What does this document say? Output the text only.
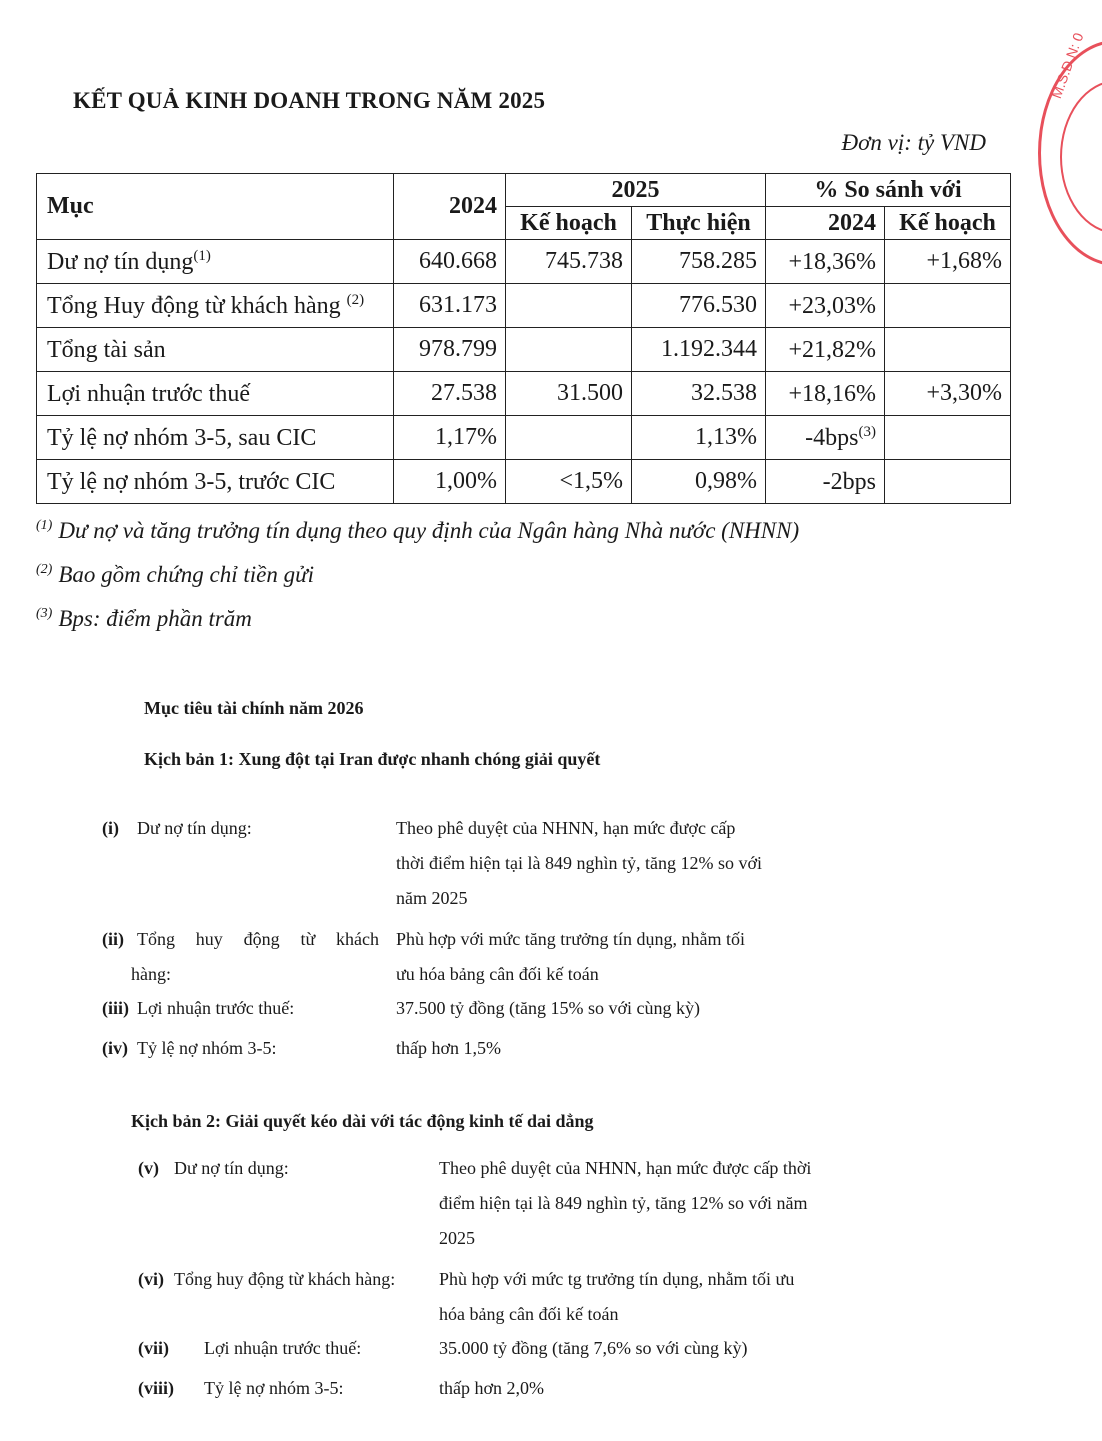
M.S.D.N: 0
KẾT QUẢ KINH DOANH TRONG NĂM 2025
Đơn vị: tỷ VND
Mục	2024	2025		% So sánh với	
		Kế hoạch	Thực hiện	2024	Kế hoạch
Dư nợ tín dụng$^{(1)}$	640.668	745.738	758.285	+18,36%	+1,68%
Tổng Huy động từ khách hàng $^{(2)}$	631.173		776.530	+23,03%	
Tổng tài sản	978.799		1.192.344	+21,82%	
Lợi nhuận trước thuế	27.538	31.500	32.538	+18,16%	+3,30%
Tỷ lệ nợ nhóm 3-5, sau CIC	1,17%		1,13%	-4bps$^{(3)}$	
Tỷ lệ nợ nhóm 3-5, trước CIC	1,00%	<1,5%	0,98%	-2bps	
$^{(1)}$ Dư nợ và tăng trưởng tín dụng theo quy định của Ngân hàng Nhà nước (NHNN)
$^{(2)}$ Bao gồm chứng chỉ tiền gửi
$^{(3)}$ Bps: điểm phần trăm
Mục tiêu tài chính năm 2026
Kịch bản 1: Xung đột tại Iran được nhanh chóng giải quyết
(i) Dư nợ tín dụng:	Theo phê duyệt của NHNN, hạn mức được cấp
thời điểm hiện tại là 849 nghìn tỷ, tăng 12% so với
năm 2025
(ii) Tổng huy động từ khách
hàng:
Phù hợp với mức tăng trưởng tín dụng, nhằm tối
ưu hóa bảng cân đối kế toán
(iii) Lợi nhuận trước thuế:	37.500 tỷ đồng (tăng 15% so với cùng kỳ)
(iv) Tỷ lệ nợ nhóm 3-5:	thấp hơn 1,5%
Kịch bản 2: Giải quyết kéo dài với tác động kinh tế dai dẳng
(v) Dư nợ tín dụng:	Theo phê duyệt của NHNN, hạn mức được cấp thời
điểm hiện tại là 849 nghìn tỷ, tăng 12% so với năm
2025
(vi) Tổng huy động từ khách hàng: Phù hợp với mức tg trưởng tín dụng, nhằm tối ưu
hóa bảng cân đối kế toán
(vii) Lợi nhuận trước thuế:	35.000 tỷ đồng (tăng 7,6% so với cùng kỳ)
(viii) Tỷ lệ nợ nhóm 3-5:	thấp hơn 2,0%
